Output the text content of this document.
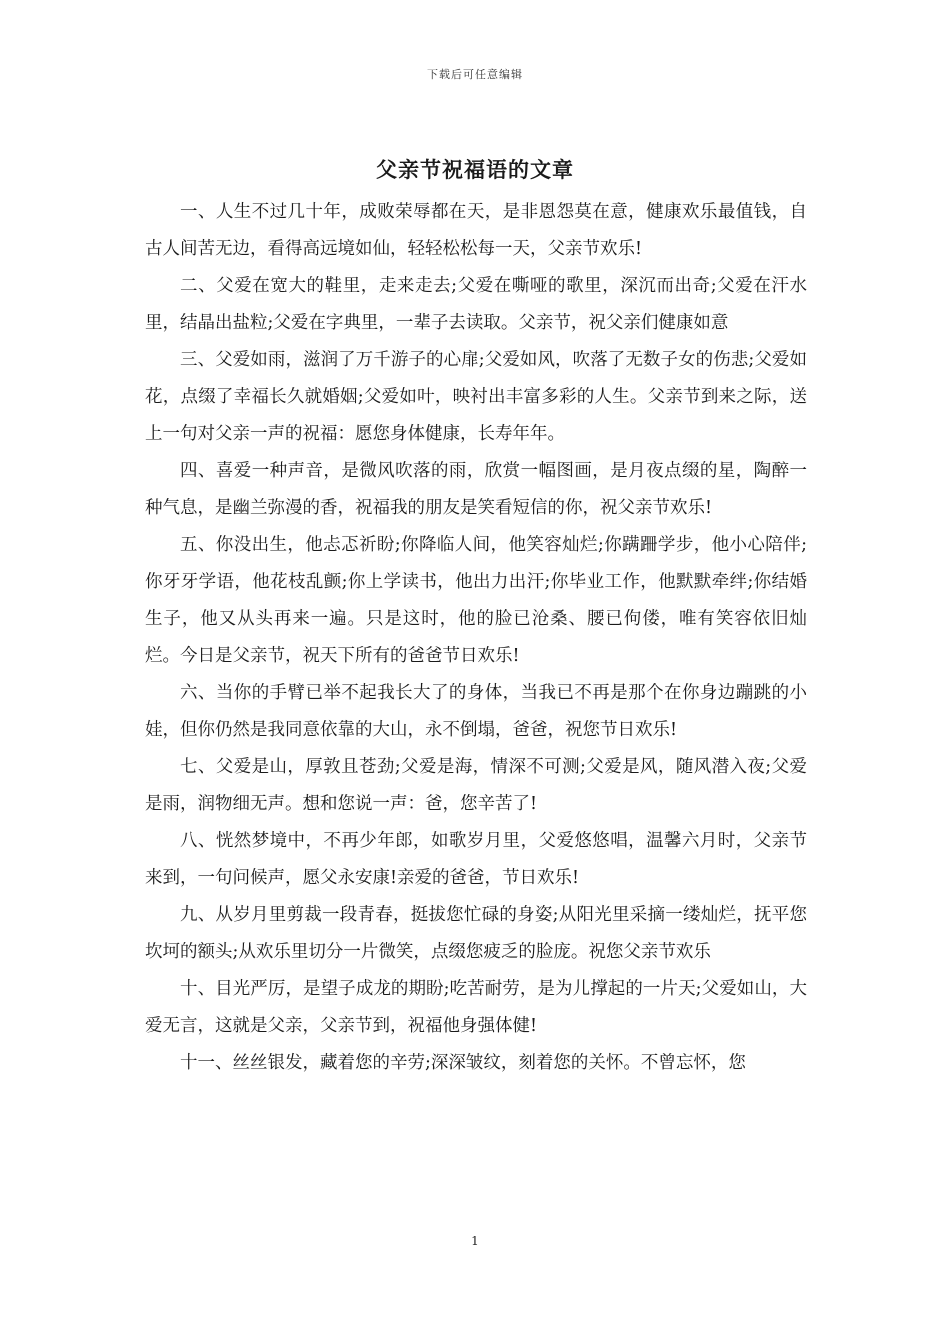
下载后可任意编辑
父亲节祝福语的文章

一、人生不过几十年，成败荣辱都在天，是非恩怨莫在意，健康欢乐最值钱，自古人间苦无边，看得高远境如仙，轻轻松松每一天，父亲节欢乐!

二、父爱在宽大的鞋里，走来走去;父爱在嘶哑的歌里，深沉而出奇;父爱在汗水里，结晶出盐粒;父爱在字典里，一辈子去读取。父亲节，祝父亲们健康如意

三、父爱如雨，滋润了万千游子的心扉;父爱如风，吹落了无数子女的伤悲;父爱如花，点缀了幸福长久就婚姻;父爱如叶，映衬出丰富多彩的人生。父亲节到来之际，送上一句对父亲一声的祝福：愿您身体健康，长寿年年。

四、喜爱一种声音，是微风吹落的雨，欣赏一幅图画，是月夜点缀的星，陶醉一种气息，是幽兰弥漫的香，祝福我的朋友是笑看短信的你，祝父亲节欢乐!

五、你没出生，他忐忑祈盼;你降临人间，他笑容灿烂;你蹒跚学步，他小心陪伴;你牙牙学语，他花枝乱颤;你上学读书，他出力出汗;你毕业工作，他默默牵绊;你结婚生子，他又从头再来一遍。只是这时，他的脸已沧桑、腰已佝偻，唯有笑容依旧灿烂。今日是父亲节，祝天下所有的爸爸节日欢乐!

六、当你的手臂已举不起我长大了的身体，当我已不再是那个在你身边蹦跳的小娃，但你仍然是我同意依靠的大山，永不倒塌，爸爸，祝您节日欢乐!

七、父爱是山，厚敦且苍劲;父爱是海，情深不可测;父爱是风，随风潜入夜;父爱是雨，润物细无声。想和您说一声：爸，您辛苦了!

八、恍然梦境中，不再少年郎，如歌岁月里，父爱悠悠唱，温馨六月时，父亲节来到，一句问候声，愿父永安康!亲爱的爸爸，节日欢乐!

九、从岁月里剪裁一段青春，挺拔您忙碌的身姿;从阳光里采摘一缕灿烂，抚平您坎坷的额头;从欢乐里切分一片微笑，点缀您疲乏的脸庞。祝您父亲节欢乐

十、目光严厉，是望子成龙的期盼;吃苦耐劳，是为儿撑起的一片天;父爱如山，大爱无言，这就是父亲，父亲节到，祝福他身强体健!

十一、丝丝银发，藏着您的辛劳;深深皱纹，刻着您的关怀。不曾忘怀，您

1
